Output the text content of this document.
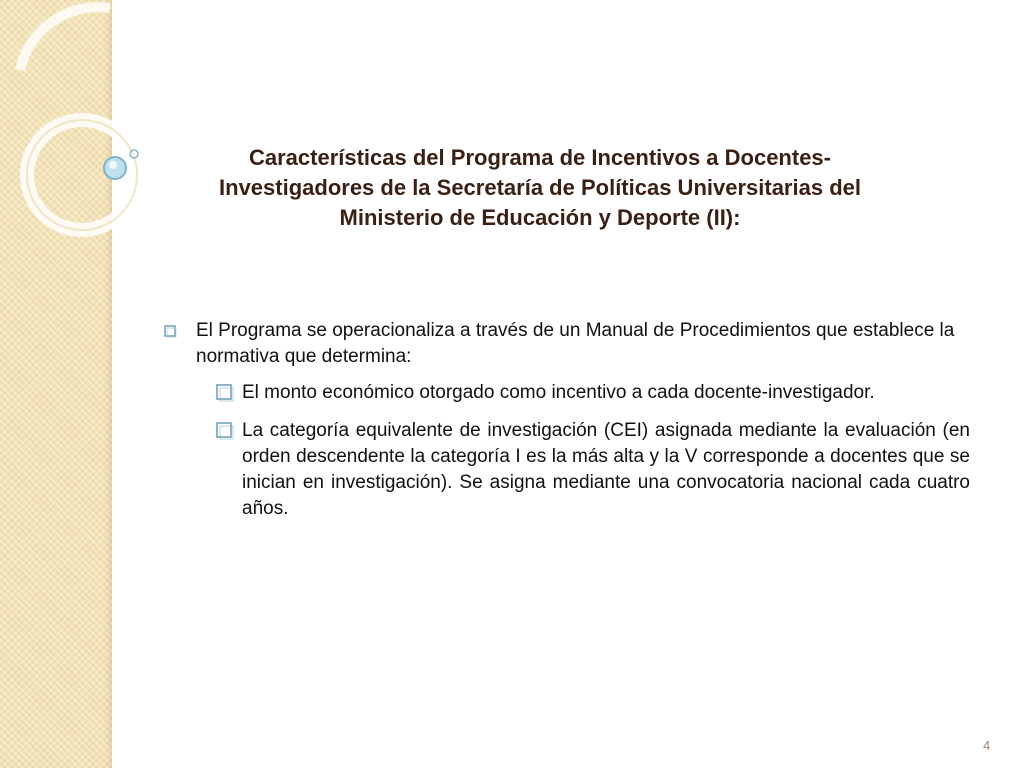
Características del Programa de Incentivos a Docentes-
Investigadores de la Secretaría de Políticas Universitarias del
Ministerio de Educación y Deporte (II):
El Programa se operacionaliza a través de un Manual de Procedimientos que establece la normativa que determina:
El monto económico otorgado como incentivo a cada docente-investigador.
La categoría equivalente de investigación (CEI) asignada mediante la evaluación (en orden descendente la categoría I es la más alta y la V corresponde a docentes que se inician en investigación). Se asigna mediante una convocatoria nacional cada cuatro años.
4
